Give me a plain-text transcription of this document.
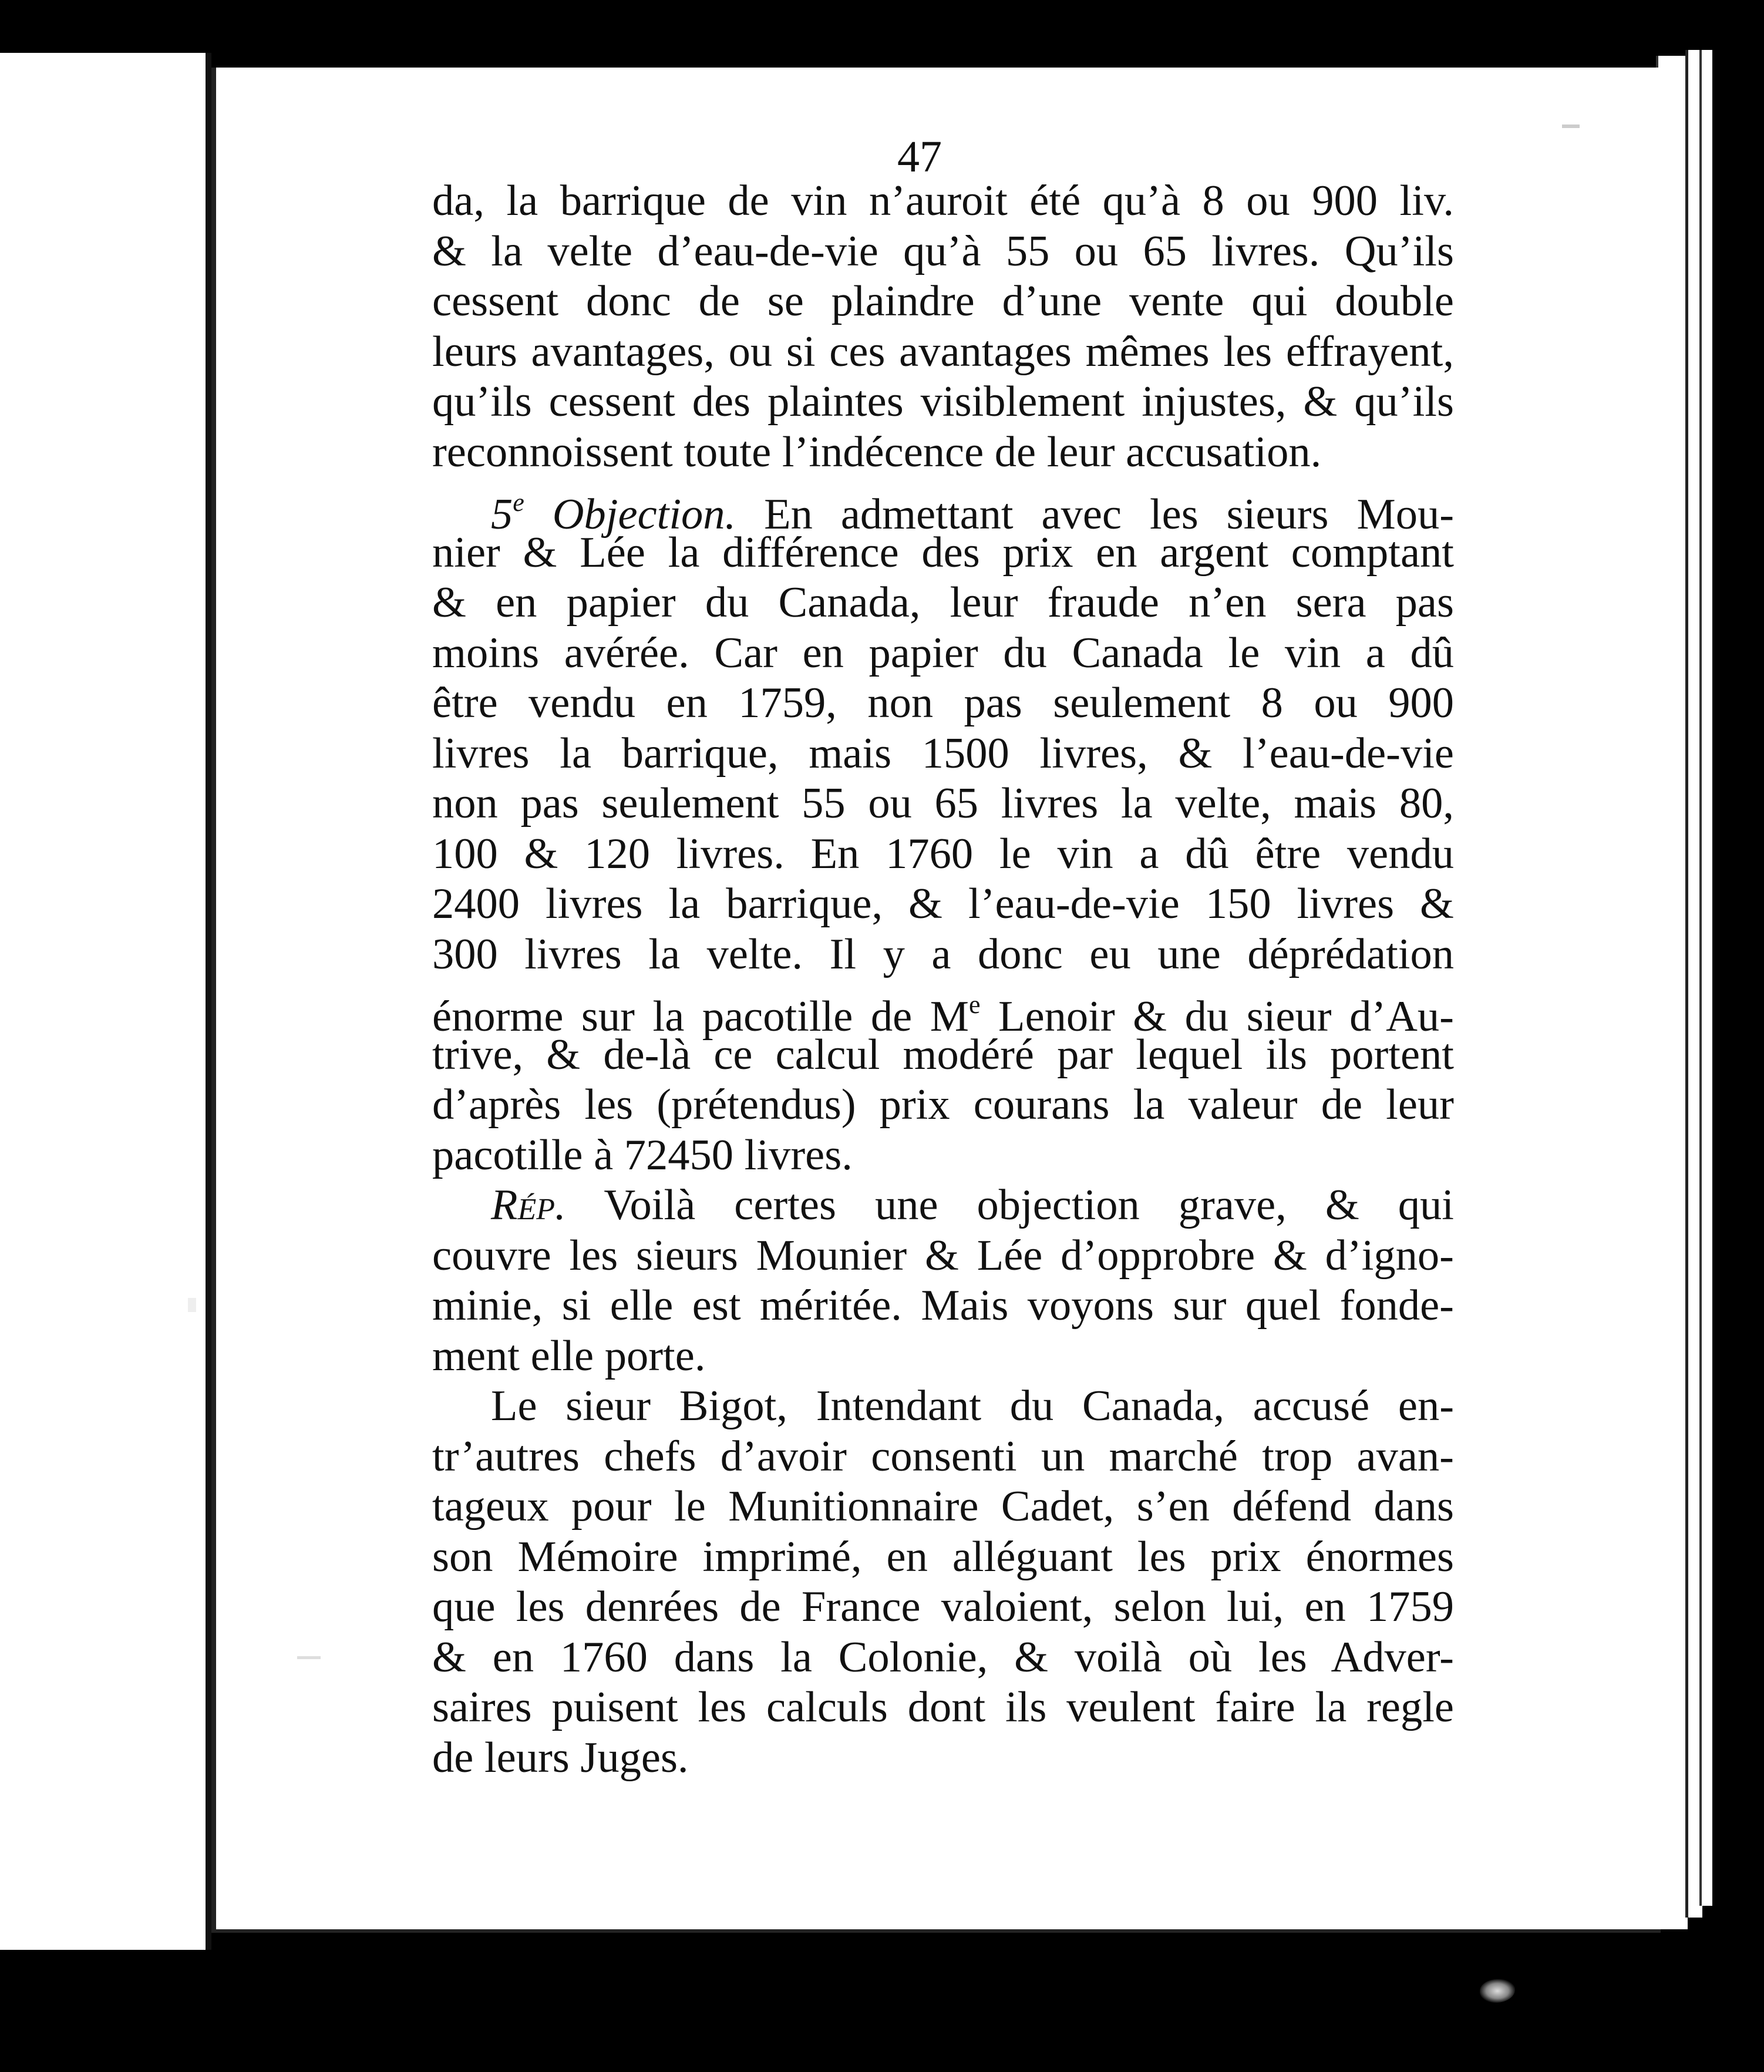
47
da, la barrique de vin n’auroit été qu’à 8 ou 900 liv.
& la velte d’eau-de-vie qu’à 55 ou 65 livres. Qu’ils
cessent donc de se plaindre d’une vente qui double
leurs avantages, ou si ces avantages mêmes les effrayent,
qu’ils cessent des plaintes visiblement injustes, & qu’ils
reconnoissent toute l’indécence de leur accusation.
5e Objection. En admettant avec les sieurs Mou-
nier & Lée la différence des prix en argent comptant
& en papier du Canada, leur fraude n’en sera pas
moins avérée. Car en papier du Canada le vin a dû
être vendu en 1759, non pas seulement 8 ou 900
livres la barrique, mais 1500 livres, & l’eau-de-vie
non pas seulement 55 ou 65 livres la velte, mais 80,
100 & 120 livres. En 1760 le vin a dû être vendu
2400 livres la barrique, & l’eau-de-vie 150 livres &
300 livres la velte. Il y a donc eu une déprédation
énorme sur la pacotille de Me Lenoir & du sieur d’Au-
trive, & de-là ce calcul modéré par lequel ils portent
d’après les (prétendus) prix courans la valeur de leur
pacotille à 72450 livres.
Rép. Voilà certes une objection grave, & qui
couvre les sieurs Mounier & Lée d’opprobre & d’igno-
minie, si elle est méritée. Mais voyons sur quel fonde-
ment elle porte.
Le sieur Bigot, Intendant du Canada, accusé en-
tr’autres chefs d’avoir consenti un marché trop avan-
tageux pour le Munitionnaire Cadet, s’en défend dans
son Mémoire imprimé, en alléguant les prix énormes
que les denrées de France valoient, selon lui, en 1759
& en 1760 dans la Colonie, & voilà où les Adver-
saires puisent les calculs dont ils veulent faire la regle
de leurs Juges.
